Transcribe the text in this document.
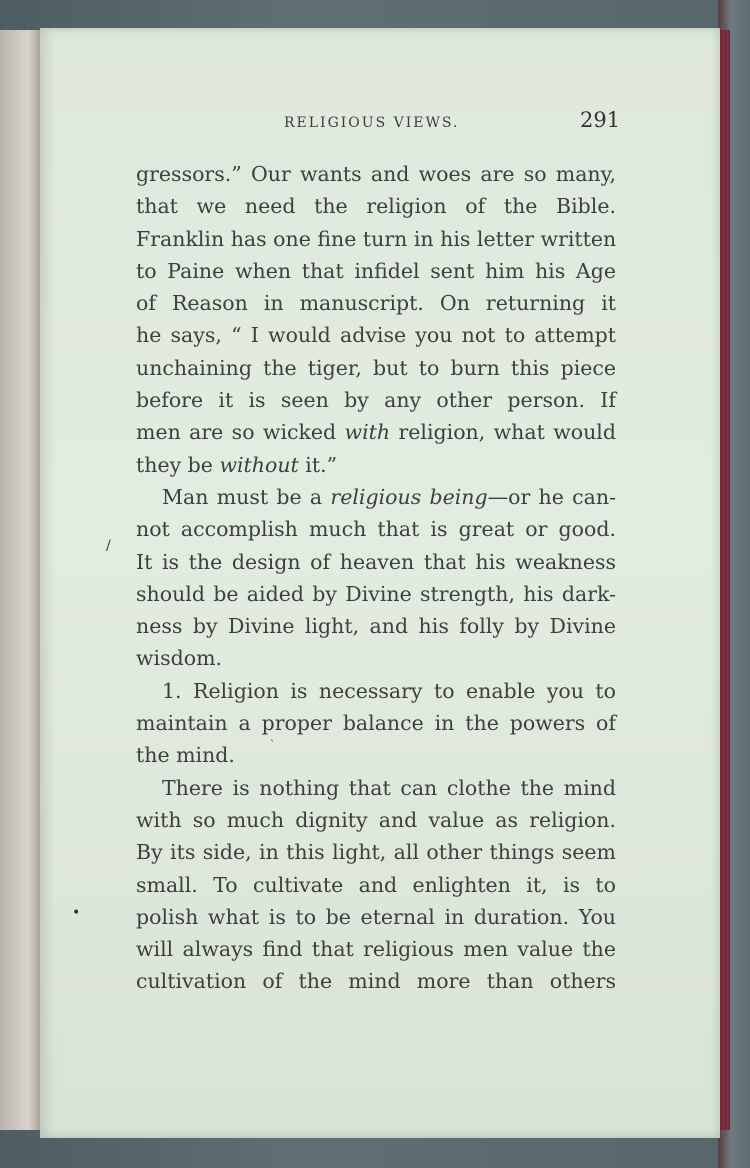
RELIGIOUS VIEWS.	291
gressors.” Our wants and woes are so many,
that we need the religion of the Bible.
Franklin has one fine turn in his letter written
to Paine when that infidel sent him his Age
of Reason in manuscript. On returning it
he says, “ I would advise you not to attempt
unchaining the tiger, but to burn this piece
before it is seen by any other person. If
men are so wicked with religion, what would
they be without it.”
Man must be a religious being—or he can-
not accomplish much that is great or good.
It is the design of heaven that his weakness
should be aided by Divine strength, his dark-
ness by Divine light, and his folly by Divine
wisdom.
1. Religion is necessary to enable you to
maintain a proper balance in the powers of
the mind.
There is nothing that can clothe the mind
with so much dignity and value as religion.
By its side, in this light, all other things seem
small. To cultivate and enlighten it, is to
polish what is to be eternal in duration. You
will always find that religious men value the
cultivation of the mind more than others
/
•
`
